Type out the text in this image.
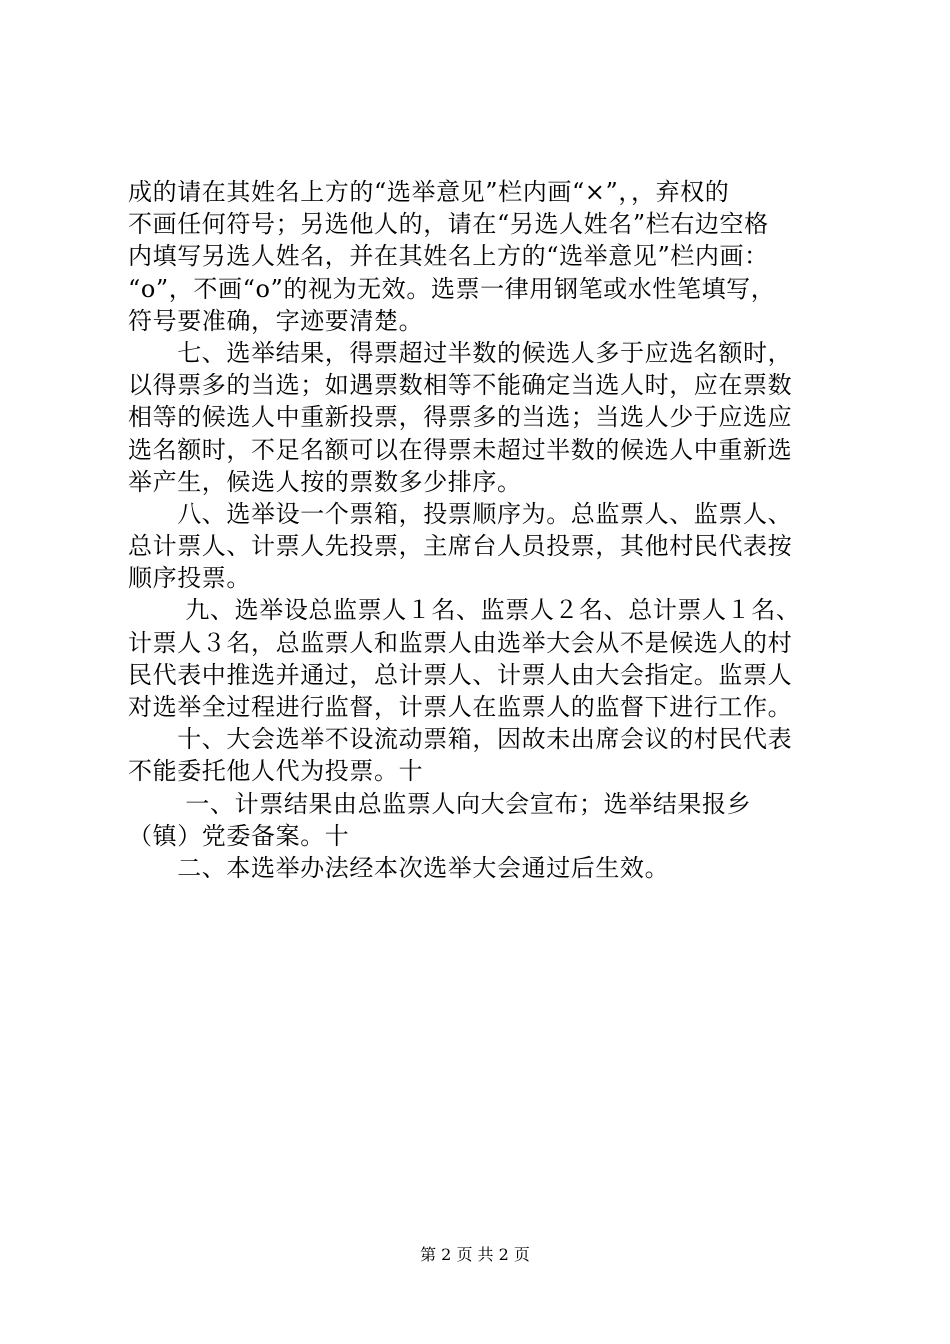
成的请在其姓名上方的“选举意见”栏内画“×”，，弃权的
不画任何符号；另选他人的，请在“另选人姓名”栏右边空格
内填写另选人姓名，并在其姓名上方的“选举意见”栏内画：
“o”，不画“o”的视为无效。选票一律用钢笔或水性笔填写，
符号要准确，字迹要清楚。
　　七、选举结果，得票超过半数的候选人多于应选名额时，
以得票多的当选；如遇票数相等不能确定当选人时，应在票数
相等的候选人中重新投票，得票多的当选；当选人少于应选应
选名额时，不足名额可以在得票未超过半数的候选人中重新选
举产生，候选人按的票数多少排序。
　　八、选举设一个票箱，投票顺序为。总监票人、监票人、
总计票人、计票人先投票，主席台人员投票，其他村民代表按
顺序投票。
　　 九、选举设总监票人１名、监票人２名、总计票人１名、
计票人３名，总监票人和监票人由选举大会从不是候选人的村
民代表中推选并通过，总计票人、计票人由大会指定。监票人
对选举全过程进行监督，计票人在监票人的监督下进行工作。
　　十、大会选举不设流动票箱，因故未出席会议的村民代表
不能委托他人代为投票。十
　　 一、计票结果由总监票人向大会宣布；选举结果报乡
（镇）党委备案。十
　　二、本选举办法经本次选举大会通过后生效。
第 2 页 共 2 页
